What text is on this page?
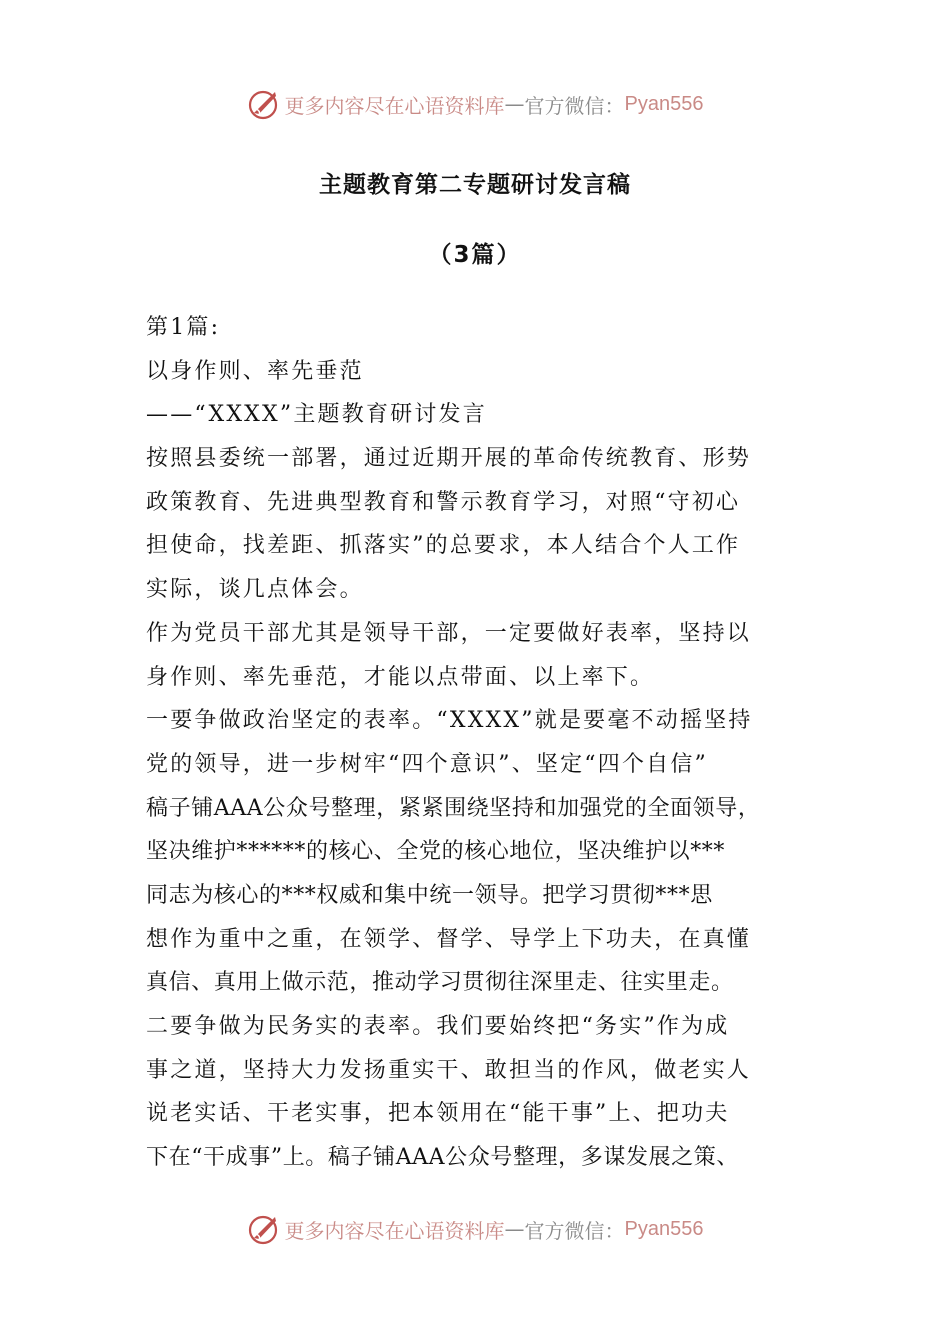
更多内容尽在心语资料库 — 官方微信： Pyan556
主题教育第二专题研讨发言稿
（3篇）
第1篇:
以身作则、率先垂范
——“XXXX”主题教育研讨发言
按照县委统一部署，通过近期开展的革命传统教育、形势
政策教育、先进典型教育和警示教育学习，对照“守初心
担使命，找差距、抓落实”的总要求，本人结合个人工作
实际，谈几点体会。
作为党员干部尤其是领导干部，一定要做好表率，坚持以
身作则、率先垂范，才能以点带面、以上率下。
一要争做政治坚定的表率。“XXXX”就是要毫不动摇坚持
党的领导，进一步树牢“四个意识”、坚定“四个自信”
稿子铺AAA公众号整理，紧紧围绕坚持和加强党的全面领导，
坚决维护******的核心、全党的核心地位，坚决维护以***
同志为核心的***权威和集中统一领导。把学习贯彻***思
想作为重中之重，在领学、督学、导学上下功夫，在真懂
真信、真用上做示范，推动学习贯彻往深里走、往实里走。
二要争做为民务实的表率。我们要始终把“务实”作为成
事之道，坚持大力发扬重实干、敢担当的作风，做老实人
说老实话、干老实事，把本领用在“能干事”上、把功夫
下在“干成事”上。稿子铺AAA公众号整理，多谋发展之策、
更多内容尽在心语资料库 — 官方微信： Pyan556
